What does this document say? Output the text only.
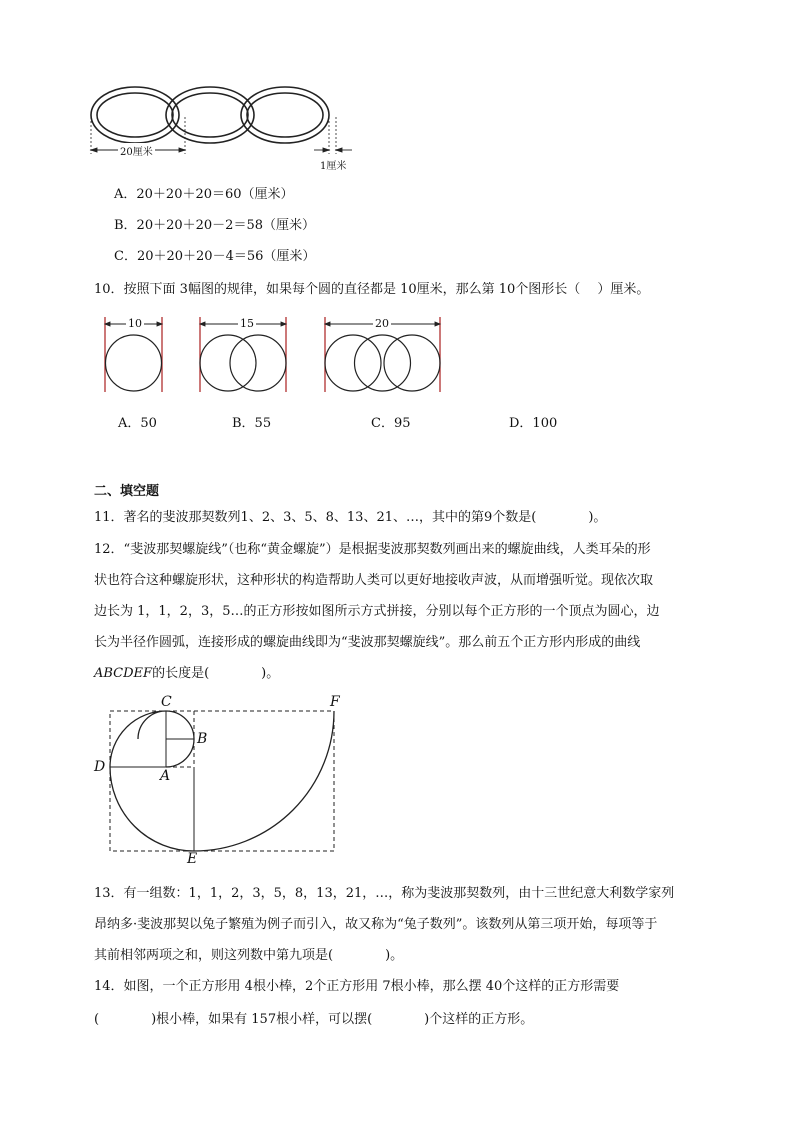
20厘米
1厘米
A．20＋20＋20＝60（厘米）
B．20＋20＋20－2＝58（厘米）
C．20＋20＋20－4＝56（厘米）
10．按照下面 3幅图的规律，如果每个圆的直径都是 10厘米，那么第 10个图形长（　 ）厘米。
10	15	20
A．50	B．55	C．95	D．100
二、填空题
11．著名的斐波那契数列1、2、3、5、8、13、21、…，其中的第9个数是(　　　　)。
12．“斐波那契螺旋线”（也称“黄金螺旋”）是根据斐波那契数列画出来的螺旋曲线，人类耳朵的形
状也符合这种螺旋形状，这种形状的构造帮助人类可以更好地接收声波，从而增强听觉。现依次取
边长为 1，1，2，3，5…的正方形按如图所示方式拼接，分别以每个正方形的一个顶点为圆心，边
长为半径作圆弧，连接形成的螺旋曲线即为“斐波那契螺旋线”。那么前五个正方形内形成的曲线
ABCDEF的长度是(　　　　)。
C
B
D
A
F
E
13．有一组数：1，1，2，3，5，8，13，21，…，称为斐波那契数列，由十三世纪意大利数学家列
昂纳多·斐波那契以兔子繁殖为例子而引入，故又称为“兔子数列”。该数列从第三项开始，每项等于
其前相邻两项之和，则这列数中第九项是(　　　　)。
14．如图，一个正方形用 4根小棒，2个正方形用 7根小棒，那么摆 40个这样的正方形需要
(　　　　)根小棒，如果有 157根小样，可以摆(　　　　)个这样的正方形。
